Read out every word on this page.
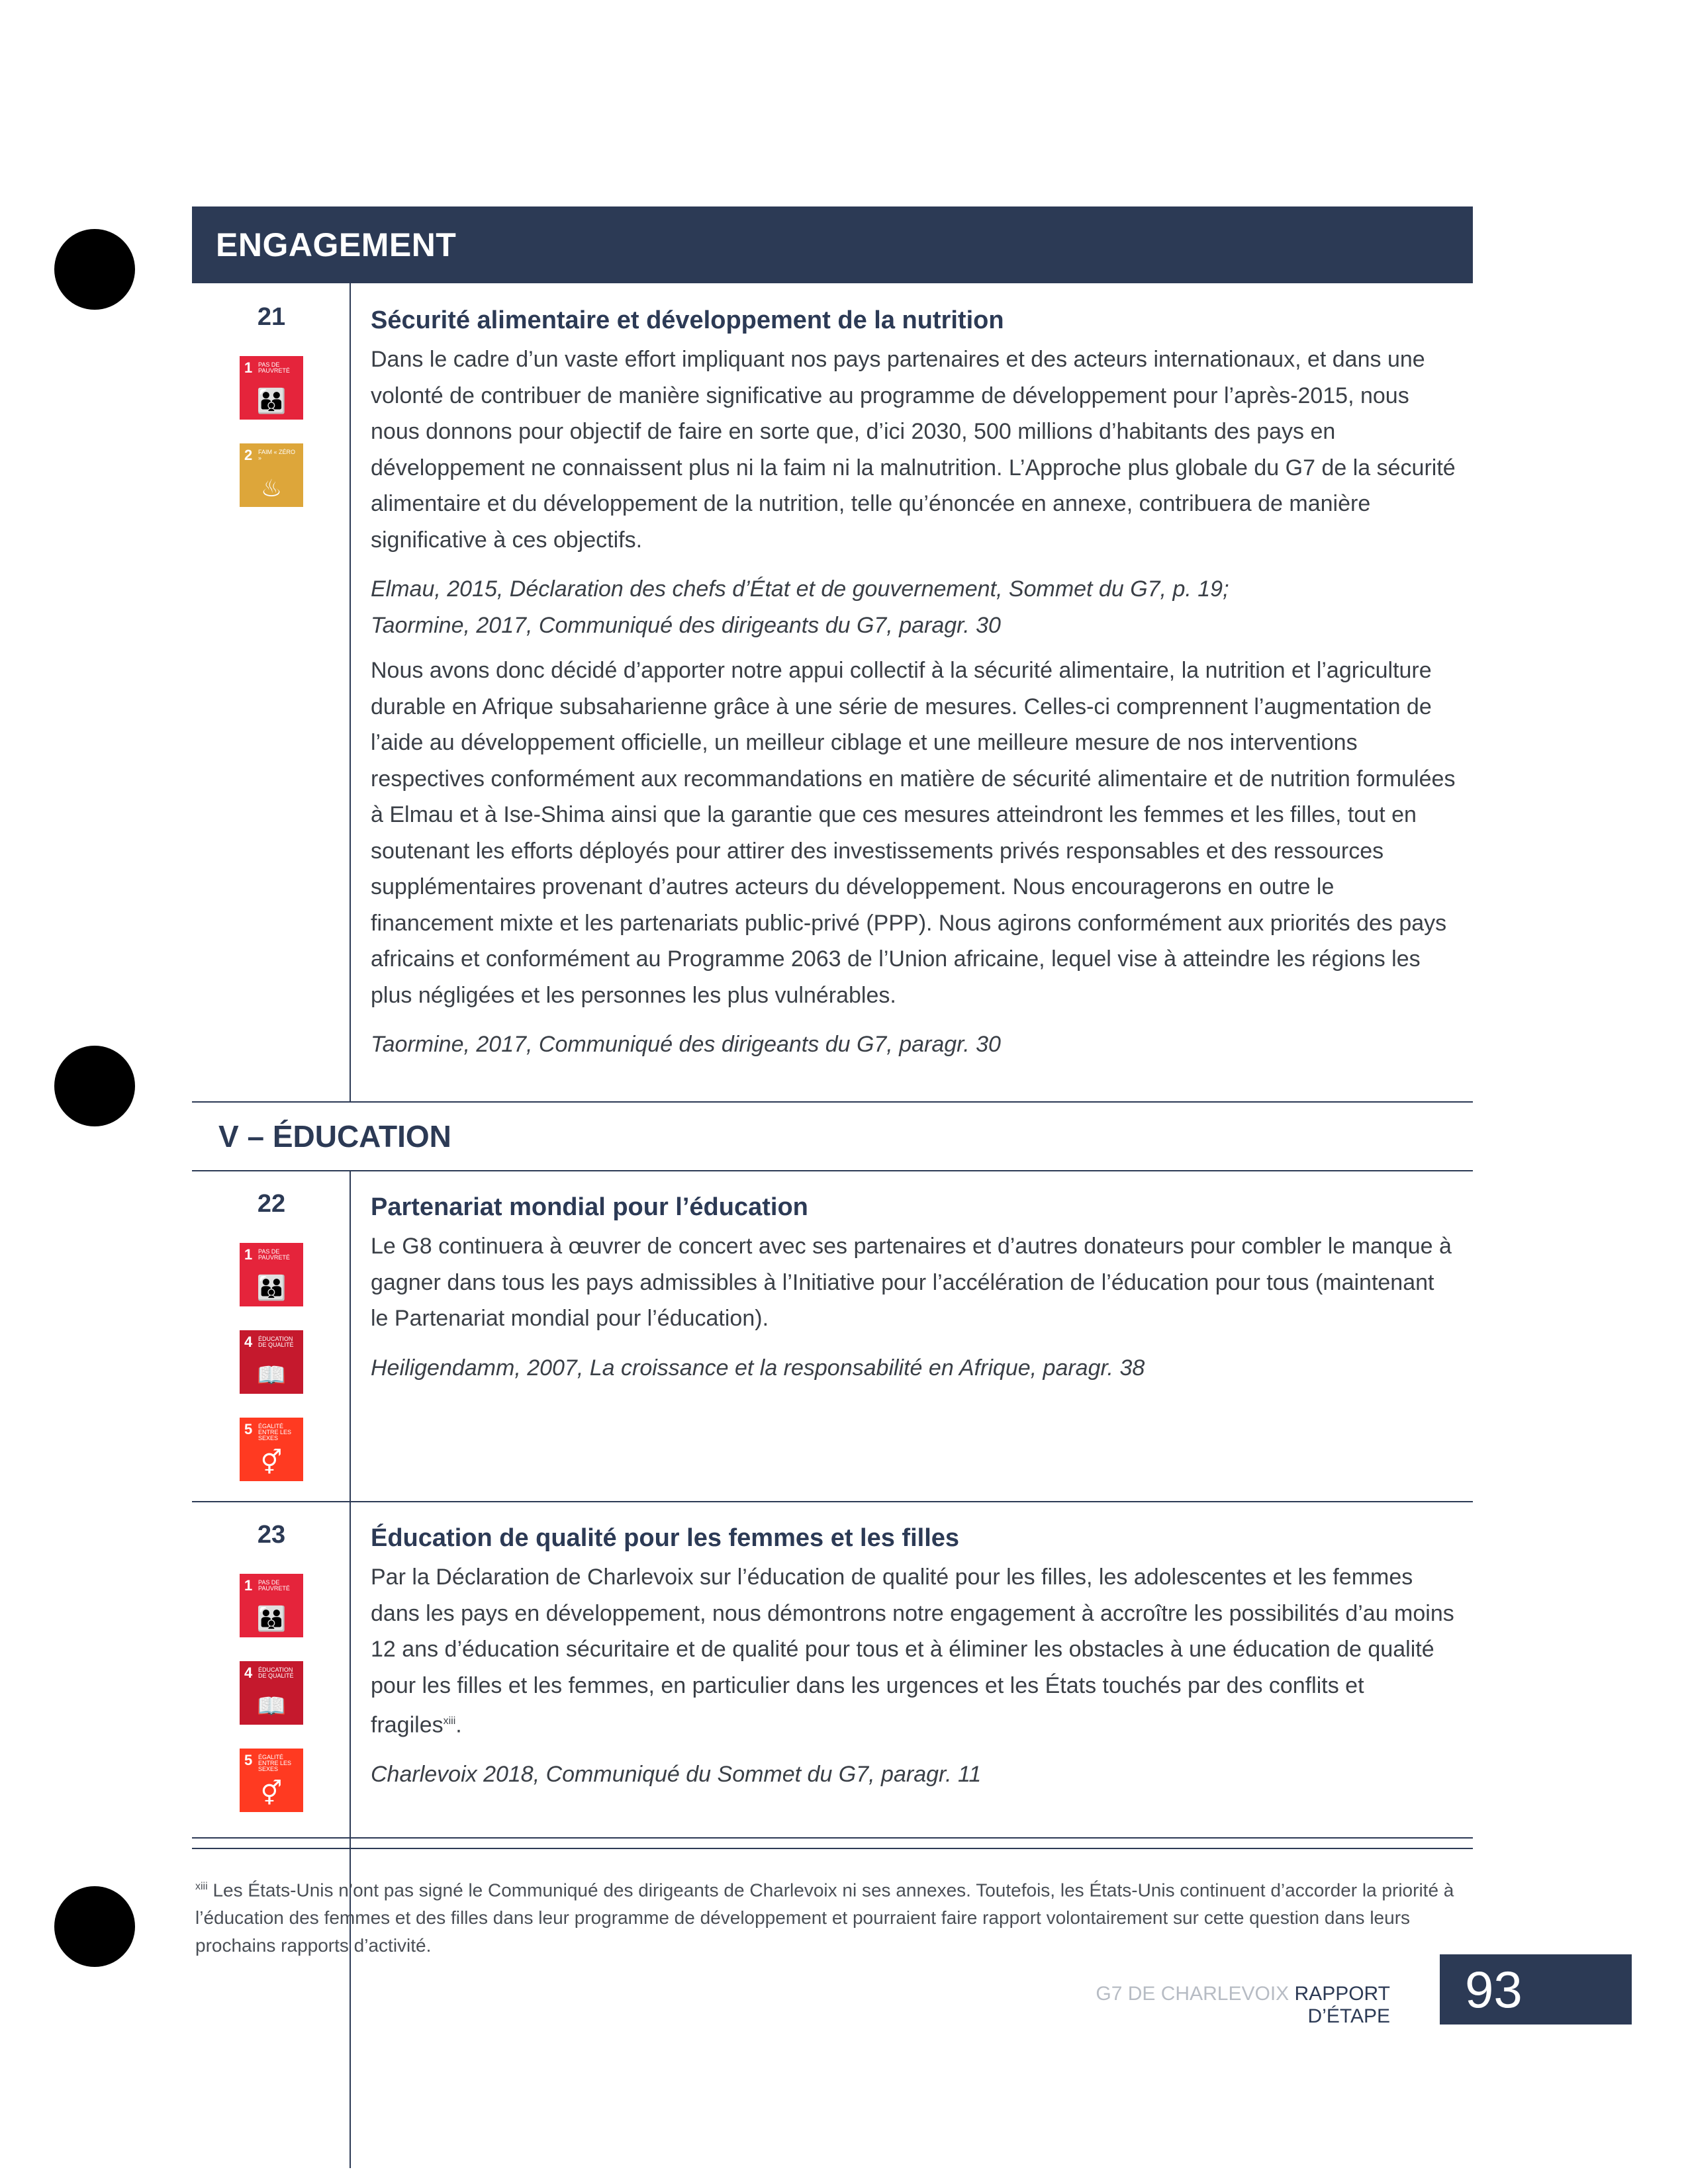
ENGAGEMENT
21
1 PAS DE PAUVRETÉ
👪
2 FAIM « ZÉRO »
♨

Sécurité alimentaire et développement de la nutrition

Dans le cadre d’un vaste effort impliquant nos pays partenaires et des acteurs internationaux, et dans une volonté de contribuer de manière significative au programme de développement pour l’après-2015, nous nous donnons pour objectif de faire en sorte que, d’ici 2030, 500 millions d’habitants des pays en développement ne connaissent plus ni la faim ni la malnutrition. L’Approche plus globale du G7 de la sécurité alimentaire et du développement de la nutrition, telle qu’énoncée en annexe, contribuera de manière significative à ces objectifs.

Elmau, 2015, Déclaration des chefs d’État et de gouvernement, Sommet du G7, p. 19;
Taormine, 2017, Communiqué des dirigeants du G7, paragr. 30

Nous avons donc décidé d’apporter notre appui collectif à la sécurité alimentaire, la nutrition et l’agriculture durable en Afrique subsaharienne grâce à une série de mesures. Celles-ci comprennent l’augmentation de l’aide au développement officielle, un meilleur ciblage et une meilleure mesure de nos interventions respectives conformément aux recommandations en matière de sécurité alimentaire et de nutrition formulées à Elmau et à Ise-Shima ainsi que la garantie que ces mesures atteindront les femmes et les filles, tout en soutenant les efforts déployés pour attirer des investissements privés responsables et des ressources supplémentaires provenant d’autres acteurs du développement. Nous encouragerons en outre le financement mixte et les partenariats public-privé (PPP). Nous agirons conformément aux priorités des pays africains et conformément au Programme 2063 de l’Union africaine, lequel vise à atteindre les régions les plus négligées et les personnes les plus vulnérables.

Taormine, 2017, Communiqué des dirigeants du G7, paragr. 30

V – ÉDUCATION
22
1 PAS DE PAUVRETÉ
👪
4 ÉDUCATION DE QUALITÉ
📖
5 ÉGALITÉ ENTRE LES SEXES
⚥

Partenariat mondial pour l’éducation

Le G8 continuera à œuvrer de concert avec ses partenaires et d’autres donateurs pour combler le manque à gagner dans tous les pays admissibles à l’Initiative pour l’accélération de l’éducation pour tous (maintenant le Partenariat mondial pour l’éducation).

Heiligendamm, 2007, La croissance et la responsabilité en Afrique, paragr. 38

23
1 PAS DE PAUVRETÉ
👪
4 ÉDUCATION DE QUALITÉ
📖
5 ÉGALITÉ ENTRE LES SEXES
⚥

Éducation de qualité pour les femmes et les filles

Par la Déclaration de Charlevoix sur l’éducation de qualité pour les filles, les adolescentes et les femmes dans les pays en développement, nous démontrons notre engagement à accroître les possibilités d’au moins 12 ans d’éducation sécuritaire et de qualité pour tous et à éliminer les obstacles à une éducation de qualité pour les filles et les femmes, en particulier dans les urgences et les États touchés par des conflits et fragiles$^{xiii}$.

Charlevoix 2018, Communiqué du Sommet du G7, paragr. 11

$^{xiii}$ Les États-Unis n’ont pas signé le Communiqué des dirigeants de Charlevoix ni ses annexes. Toutefois, les États-Unis continuent d’accorder la priorité à l’éducation des femmes et des filles dans leur programme de développement et pourraient faire rapport volontairement sur cette question dans leurs prochains rapports d’activité.
G7 DE CHARLEVOIX RAPPORT D’ÉTAPE 93
